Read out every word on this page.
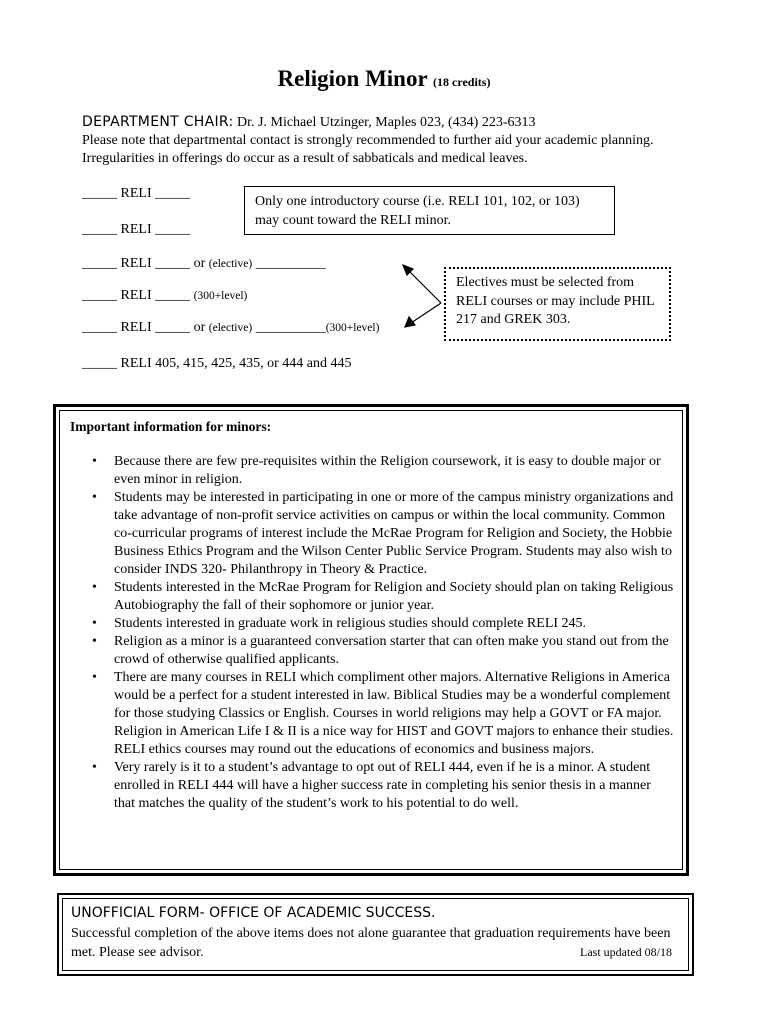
Religion Minor (18 credits)
DEPARTMENT CHAIR: Dr. J. Michael Utzinger, Maples 023, (434) 223-6313
Please note that departmental contact is strongly recommended to further aid your academic planning. Irregularities in offerings do occur as a result of sabbaticals and medical leaves.
_____ RELI _____
_____ RELI _____
_____ RELI _____ or (elective) __________
_____ RELI _____ (300+level)
_____ RELI _____ or (elective) __________(300+level)
_____ RELI 405, 415, 425, 435, or 444 and 445
Only one introductory course (i.e. RELI 101, 102, or 103) may count toward the RELI minor.
Electives must be selected from RELI courses or may include PHIL 217 and GREK 303.
Important information for minors:
• Because there are few pre-requisites within the Religion coursework, it is easy to double major or even minor in religion.
• Students may be interested in participating in one or more of the campus ministry organizations and take advantage of non-profit service activities on campus or within the local community. Common co-curricular programs of interest include the McRae Program for Religion and Society, the Hobbie Business Ethics Program and the Wilson Center Public Service Program. Students may also wish to consider INDS 320- Philanthropy in Theory & Practice.
• Students interested in the McRae Program for Religion and Society should plan on taking Religious Autobiography the fall of their sophomore or junior year.
• Students interested in graduate work in religious studies should complete RELI 245.
• Religion as a minor is a guaranteed conversation starter that can often make you stand out from the crowd of otherwise qualified applicants.
• There are many courses in RELI which compliment other majors. Alternative Religions in America would be a perfect for a student interested in law. Biblical Studies may be a wonderful complement for those studying Classics or English. Courses in world religions may help a GOVT or FA major. Religion in American Life I & II is a nice way for HIST and GOVT majors to enhance their studies. RELI ethics courses may round out the educations of economics and business majors.
• Very rarely is it to a student’s advantage to opt out of RELI 444, even if he is a minor. A student enrolled in RELI 444 will have a higher success rate in completing his senior thesis in a manner that matches the quality of the student’s work to his potential to do well.
UNOFFICIAL FORM- OFFICE OF ACADEMIC SUCCESS.
Successful completion of the above items does not alone guarantee that graduation requirements have been met. Please see advisor.	Last updated 08/18
